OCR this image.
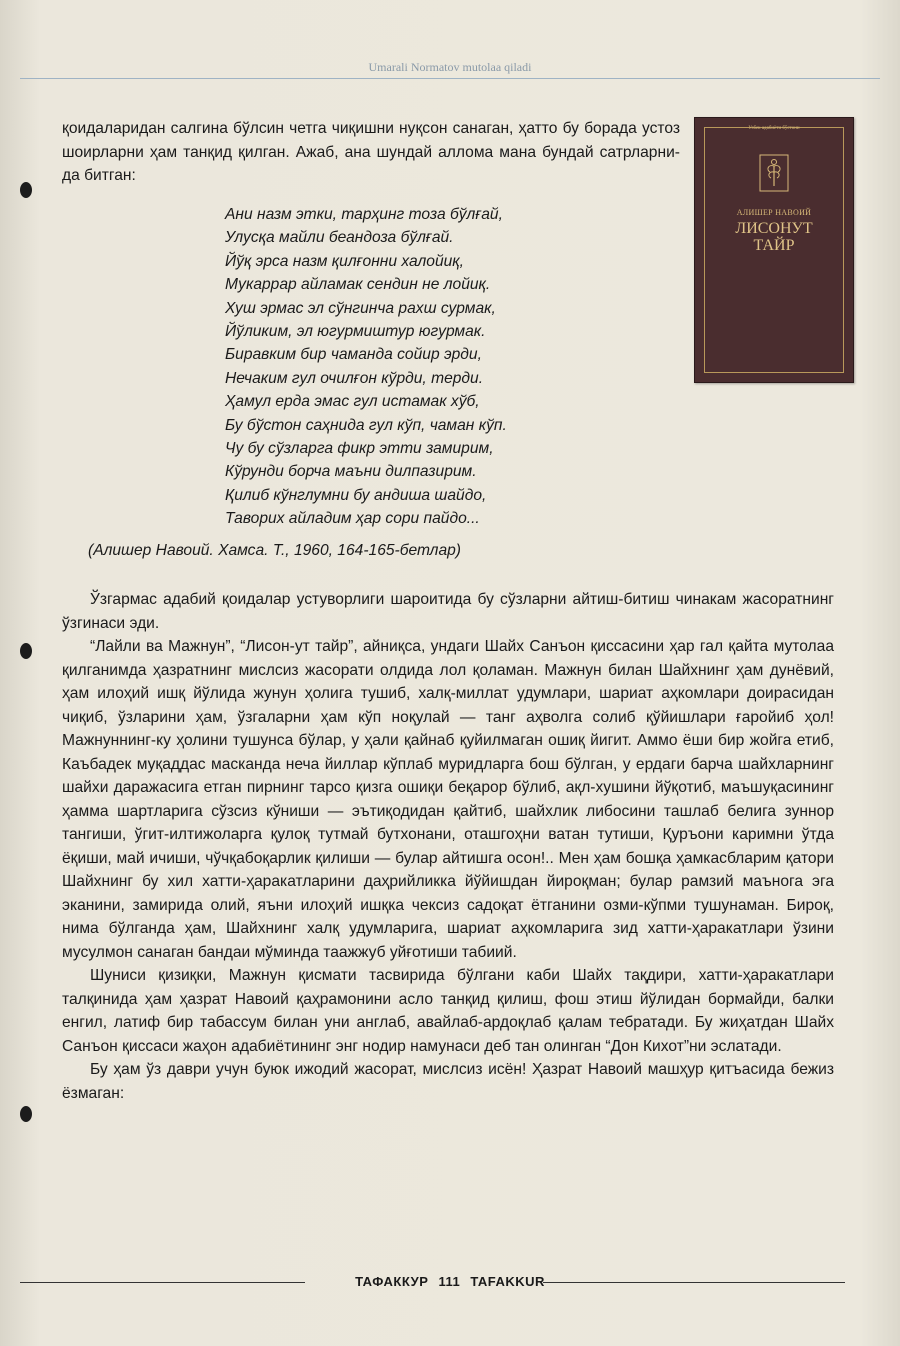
Umarali Normatov mutolaa qiladi
Узбек адабиёти бўстони
АЛИШЕР НАВОИЙ
ЛИСОНУТ
ТАЙР
қоидаларидан салгина бўлсин четга чиқишни нуқсон санаган, ҳатто бу борада устоз шоирларни ҳам танқид қилган. Ажаб, ана шундай аллома мана бундай сатрларни-да битган:
Ани назм этки, тарҳинг тоза бўлғай,
Улусқа майли беандоза бўлғай.
Йўқ эрса назм қилғонни халойиқ,
Мукаррар айламак сендин не лойиқ.
Хуш эрмас эл сўнгинча рахш сурмак,
Йўликим, эл югурмиштур югурмак.
Биравким бир чаманда сойир эрди,
Нечаким гул очилғон кўрди, терди.
Ҳамул ерда эмас гул истамак хўб,
Бу бўстон саҳнида гул кўп, чаман кўп.
Чу бу сўзларга фикр этти замирим,
Кўрунди борча маъни дилпазирим.
Қилиб кўнглумни бу андиша шайдо,
Таворих айладим ҳар сори пайдо...
(Алишер Навоий. Хамса. Т., 1960, 164-165-бетлар)

Ўзгармас адабий қоидалар устуворлиги шароитида бу сўзларни айтиш-битиш чинакам жасоратнинг ўзгинаси эди.

“Лайли ва Мажнун”, “Лисон-ут тайр”, айниқса, ундаги Шайх Санъон қиссасини ҳар гал қайта мутолаа қилганимда ҳазратнинг мислсиз жасорати олдида лол қоламан. Мажнун билан Шайхнинг ҳам дунёвий, ҳам илоҳий ишқ йўлида жунун ҳолига тушиб, халқ-миллат удумлари, шариат аҳкомлари доирасидан чиқиб, ўзларини ҳам, ўзгаларни ҳам кўп ноқулай — танг аҳволга солиб қўйишлари ғаройиб ҳол! Мажнуннинг-ку ҳолини тушунса бўлар, у ҳали қайнаб қуйилмаган ошиқ йигит. Аммо ёши бир жойга етиб, Каъбадек муқаддас масканда неча йиллар кўплаб муридларга бош бўлган, у ердаги барча шайхларнинг шайхи даражасига етган пирнинг тарсо қизга ошиқи беқарор бўлиб, ақл-хушини йўқотиб, маъшуқасининг ҳамма шартларига сўзсиз кўниши — эътиқодидан қайтиб, шайхлик либосини ташлаб белига зуннор тангиши, ўгит-илтижоларга қулоқ тутмай бутхонани, оташгоҳни ватан тутиши, Қуръони каримни ўтда ёқиши, май ичиши, чўчқабоқарлик қилиши — булар айтишга осон!.. Мен ҳам бошқа ҳамкасбларим қатори Шайхнинг бу хил хатти-ҳаракатларини даҳрийликка йўйишдан йироқман; булар рамзий маънога эга эканини, замирида олий, яъни илоҳий ишқка чексиз садоқат ётганини озми-кўпми тушунаман. Бироқ, нима бўлганда ҳам, Шайхнинг халқ удумларига, шариат аҳкомларига зид хатти-ҳаракатлари ўзини мусулмон санаган бандаи мўминда таажжуб уйғотиши табиий.

Шуниси қизиқки, Мажнун қисмати тасвирида бўлгани каби Шайх тақдири, хатти-ҳаракатлари талқинида ҳам ҳазрат Навоий қаҳрамонини асло танқид қилиш, фош этиш йўлидан бормайди, балки енгил, латиф бир табассум билан уни англаб, авайлаб-ардоқлаб қалам тебратади. Бу жиҳатдан Шайх Санъон қиссаси жаҳон адабиётининг энг нодир намунаси деб тан олинган “Дон Кихот”ни эслатади.

Бу ҳам ўз даври учун буюк ижодий жасорат, мислсиз исён! Ҳазрат Навоий машҳур қитъасида бежиз ёзмаган:

ТАФАККУР 111 TAFAKKUR
